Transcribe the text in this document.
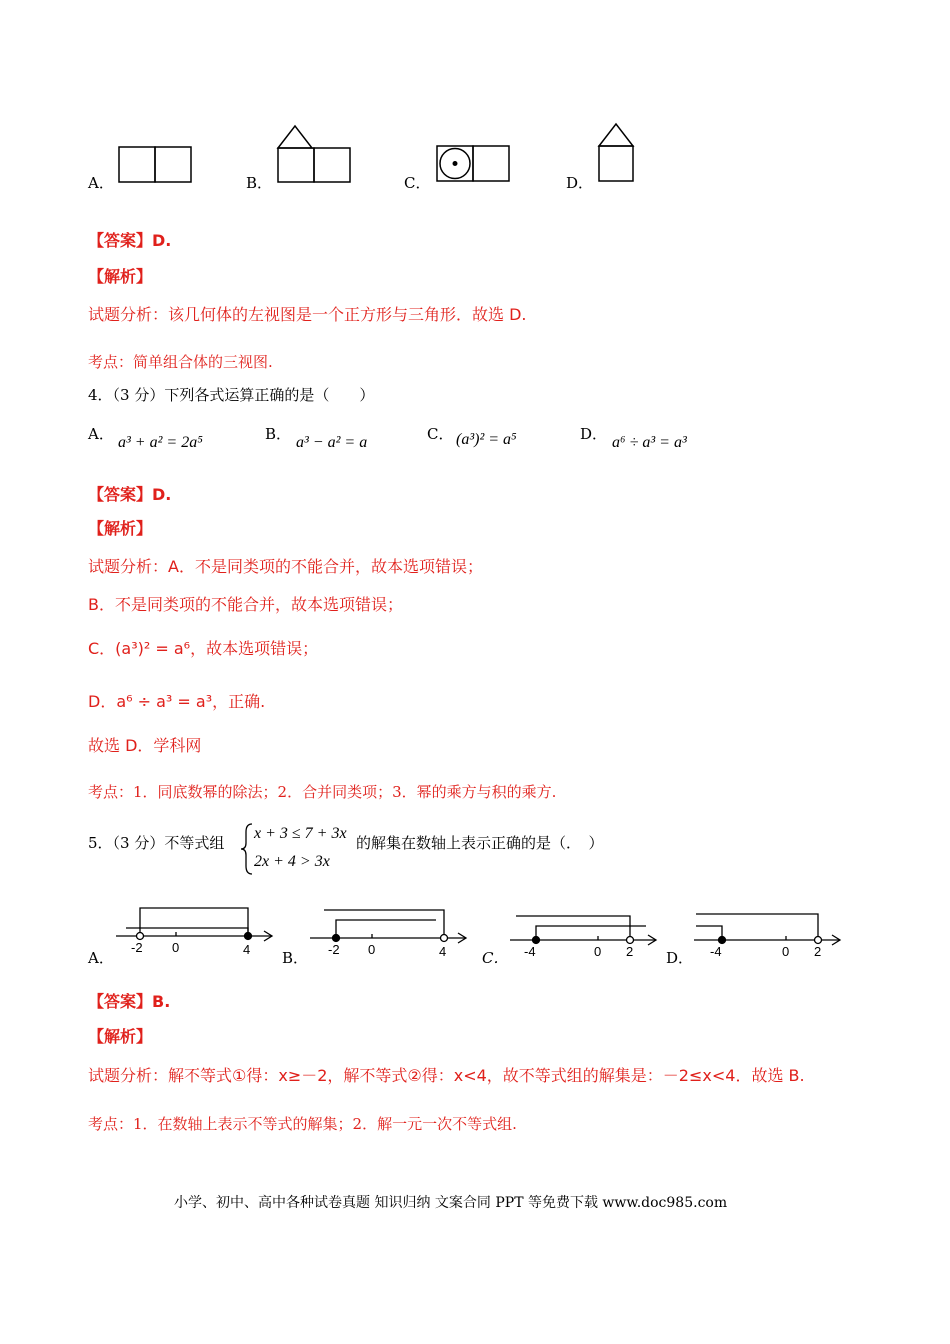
A．	B．	C．	D．
【答案】D.
【解析】
试题分析：该几何体的左视图是一个正方形与三角形．故选 D.
考点：简单组合体的三视图.
4．（3 分）下列各式运算正确的是（　　）
A． a³ + a² = 2a⁵	B． a³ − a² = a	C． (a³)² = a⁵	D． a⁶ ÷ a³ = a³
【答案】D.
【解析】
试题分析：A．不是同类项的不能合并，故本选项错误；
B．不是同类项的不能合并，故本选项错误；
C．(a³)² = a⁶，故本选项错误；
D．a⁶ ÷ a³ = a³，正确.
故选 D．学科网
考点：1．同底数幂的除法；2．合并同类项；3．幂的乘方与积的乘方.
5．（3 分）不等式组
x + 3 ≤ 7 + 3x
2x + 4 > 3x
的解集在数轴上表示正确的是（．　）
A．
-2 0	4 B． -2 0	4 C． -4	0 2 D． -4	0 2
【答案】B.
【解析】
试题分析：解不等式①得：x≥－2，解不等式②得：x<4，故不等式组的解集是：－2≤x<4．故选 B.
考点：1．在数轴上表示不等式的解集；2．解一元一次不等式组.
小学、初中、高中各种试卷真题 知识归纳 文案合同 PPT 等免费下载 www.doc985.com
